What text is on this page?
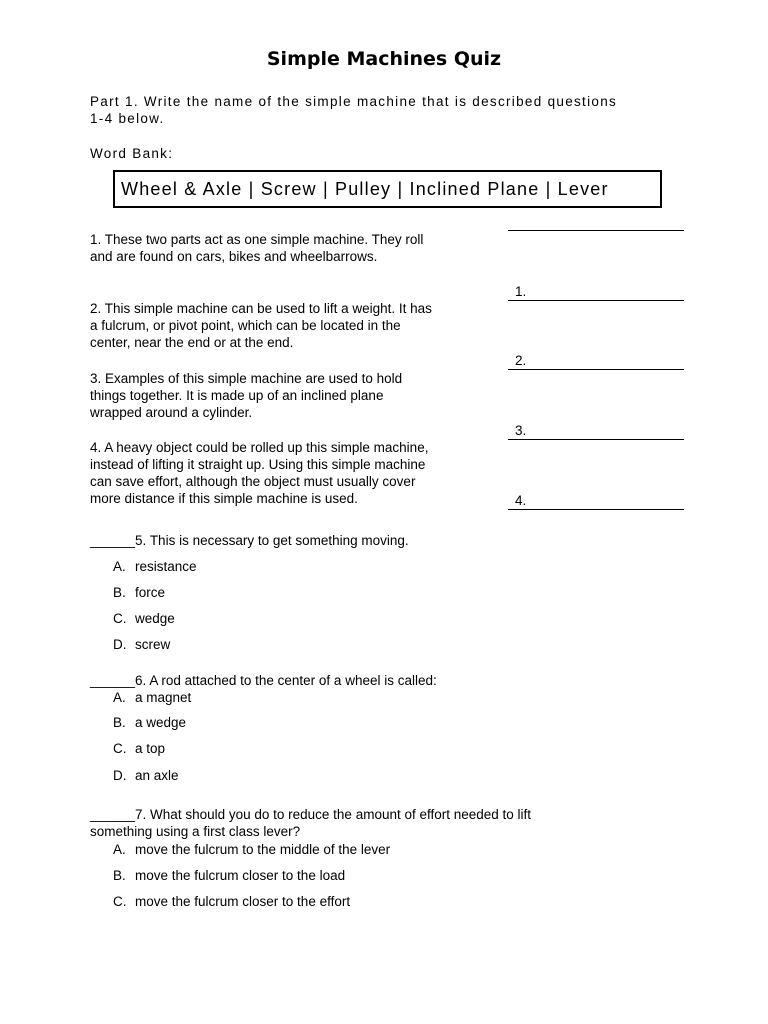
Simple Machines Quiz
Part 1. Write the name of the simple machine that is described questions
1-4 below.
Word Bank:
Wheel & Axle | Screw | Pulley | Inclined Plane | Lever
1. These two parts act as one simple machine. They roll
and are found on cars, bikes and wheelbarrows.
2. This simple machine can be used to lift a weight. It has
a fulcrum, or pivot point, which can be located in the
center, near the end or at the end.
3. Examples of this simple machine are used to hold
things together. It is made up of an inclined plane
wrapped around a cylinder.
4. A heavy object could be rolled up this simple machine,
instead of lifting it straight up. Using this simple machine
can save effort, although the object must usually cover
more distance if this simple machine is used.
1.
2.
3.
4.
______5. This is necessary to get something moving.
A. resistance
B. force
C. wedge
D. screw
______6. A rod attached to the center of a wheel is called:
A. a magnet
B. a wedge
C. a top
D. an axle
______7. What should you do to reduce the amount of effort needed to lift
something using a first class lever?
A. move the fulcrum to the middle of the lever
B. move the fulcrum closer to the load
C. move the fulcrum closer to the effort
